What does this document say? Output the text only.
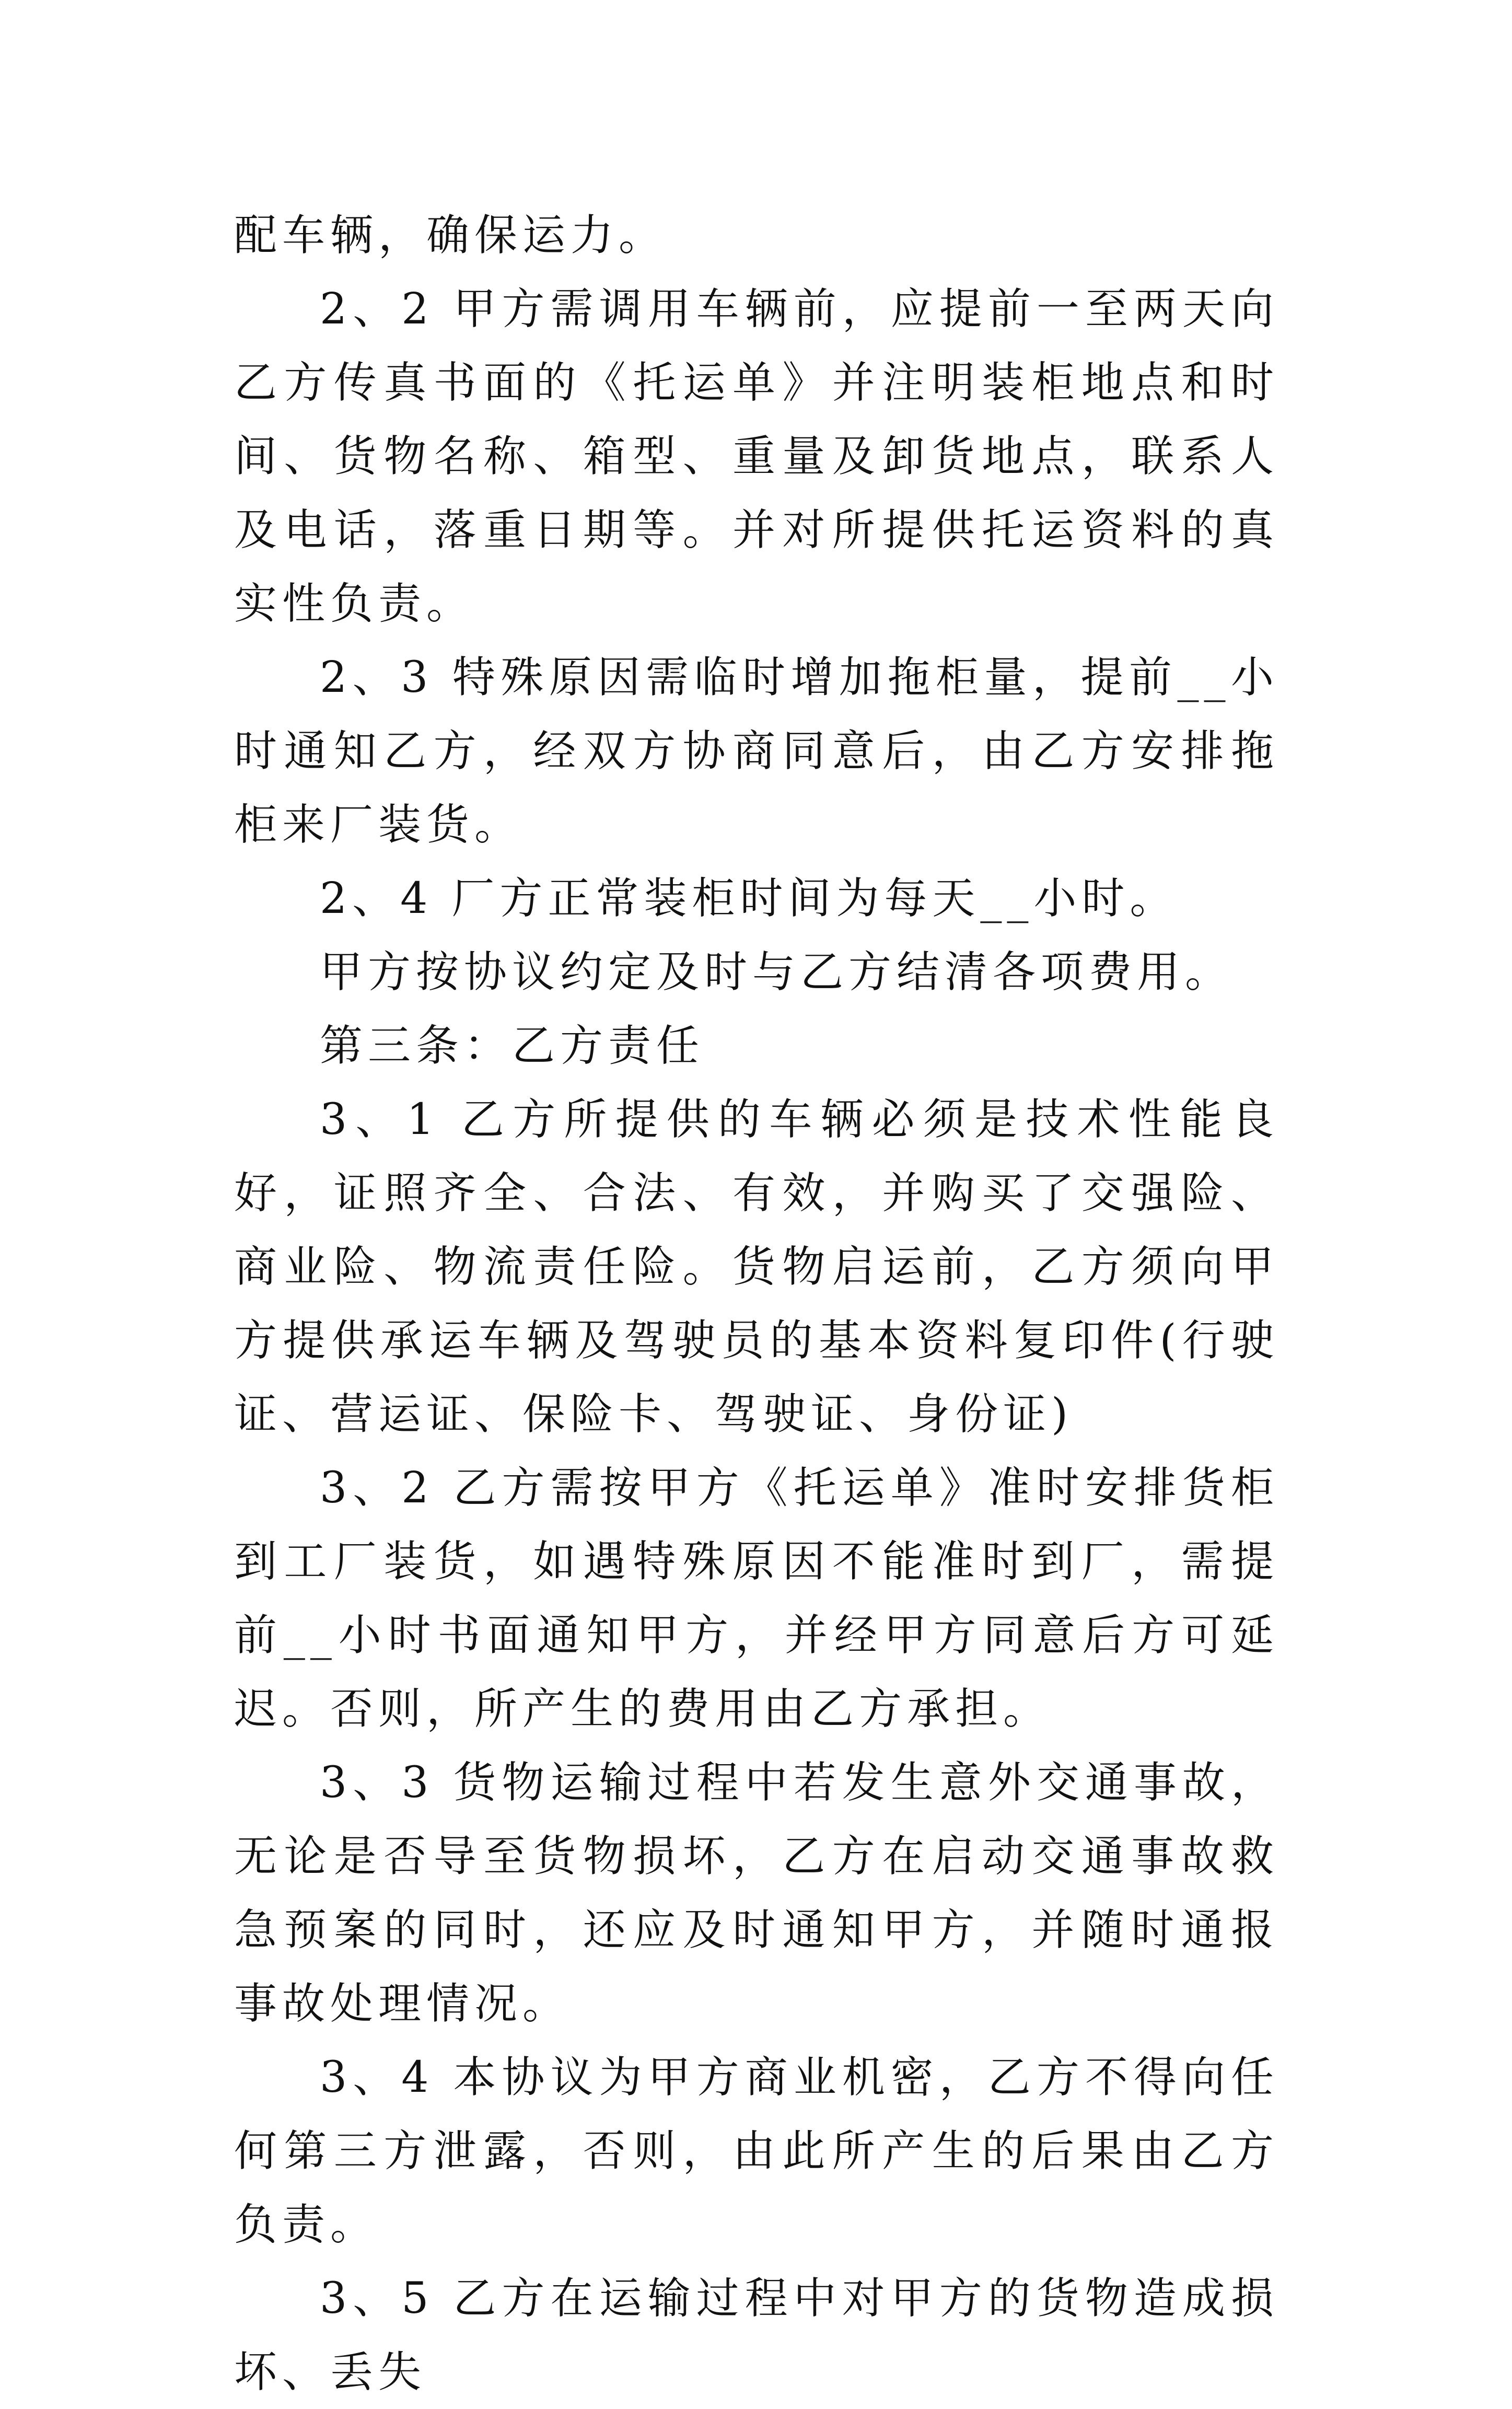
配车辆，确保运力。

2、2 甲方需调用车辆前，应提前一至两天向乙方传真书面的《托运单》并注明装柜地点和时间、货物名称、箱型、重量及卸货地点，联系人及电话，落重日期等。并对所提供托运资料的真实性负责。

2、3 特殊原因需临时增加拖柜量，提前__小时通知乙方，经双方协商同意后，由乙方安排拖柜来厂装货。

2、4 厂方正常装柜时间为每天__小时。

甲方按协议约定及时与乙方结清各项费用。

第三条：乙方责任

3、1 乙方所提供的车辆必须是技术性能良好，证照齐全、合法、有效，并购买了交强险、商业险、物流责任险。货物启运前，乙方须向甲方提供承运车辆及驾驶员的基本资料复印件(行驶证、营运证、保险卡、驾驶证、身份证)

3、2 乙方需按甲方《托运单》准时安排货柜到工厂装货，如遇特殊原因不能准时到厂，需提前__小时书面通知甲方，并经甲方同意后方可延迟。否则，所产生的费用由乙方承担。

3、3 货物运输过程中若发生意外交通事故，无论是否导至货物损坏，乙方在启动交通事故救急预案的同时，还应及时通知甲方，并随时通报事故处理情况。

3、4 本协议为甲方商业机密，乙方不得向任何第三方泄露，否则，由此所产生的后果由乙方负责。

3、5 乙方在运输过程中对甲方的货物造成损坏、丢失
